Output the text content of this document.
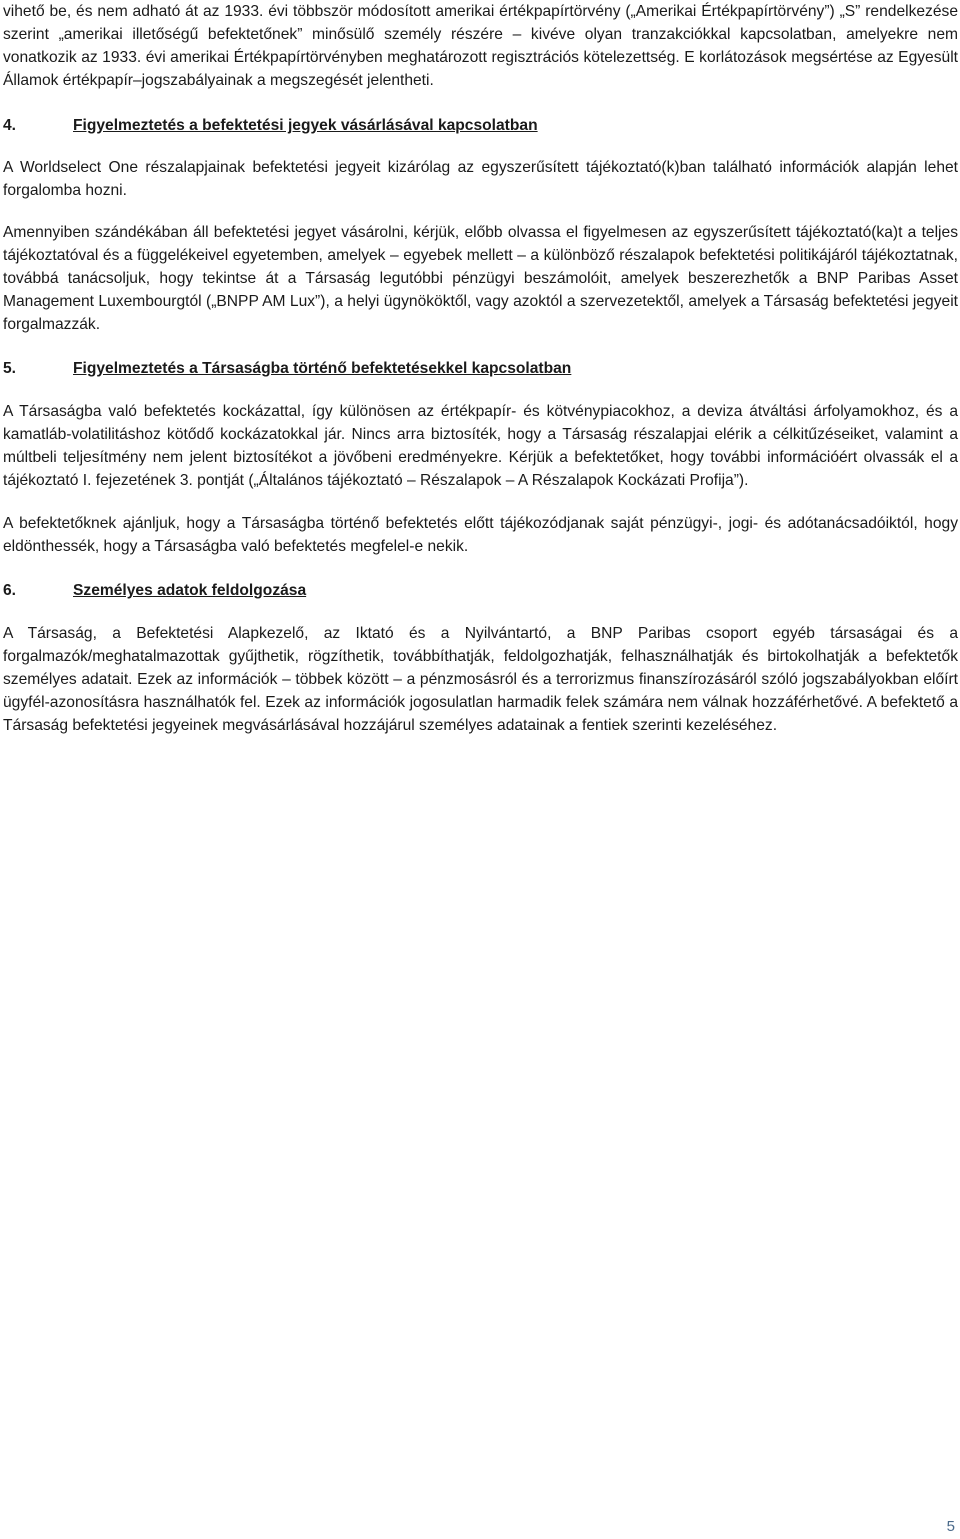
vihető be, és nem adható át az 1933. évi többször módosított amerikai értékpapírtörvény („Amerikai Értékpapírtörvény”) „S” rendelkezése szerint „amerikai illetőségű befektetőnek” minősülő személy részére – kivéve olyan tranzakciókkal kapcsolatban, amelyekre nem vonatkozik az 1933. évi amerikai Értékpapírtörvényben meghatározott regisztrációs kötelezettség. E korlátozások megsértése az Egyesült Államok értékpapír–jogszabályainak a megszegését jelentheti.

4.	Figyelmeztetés a befektetési jegyek vásárlásával kapcsolatban

A Worldselect One részalapjainak befektetési jegyeit kizárólag az egyszerűsített tájékoztató(k)ban található információk alapján lehet forgalomba hozni.

Amennyiben szándékában áll befektetési jegyet vásárolni, kérjük, előbb olvassa el figyelmesen az egyszerűsített tájékoztató(ka)t a teljes tájékoztatóval és a függelékeivel egyetemben, amelyek – egyebek mellett – a különböző részalapok befektetési politikájáról tájékoztatnak, továbbá tanácsoljuk, hogy tekintse át a Társaság legutóbbi pénzügyi beszámolóit, amelyek beszerezhetők a BNP Paribas Asset Management Luxembourgtól („BNPP AM Lux”), a helyi ügynököktől, vagy azoktól a szervezetektől, amelyek a Társaság befektetési jegyeit forgalmazzák.

5.	Figyelmeztetés a Társaságba történő befektetésekkel kapcsolatban

A Társaságba való befektetés kockázattal, így különösen az értékpapír- és kötvénypiacokhoz, a deviza átváltási árfolyamokhoz, és a kamatláb-volatilitáshoz kötődő kockázatokkal jár. Nincs arra biztosíték, hogy a Társaság részalapjai elérik a célkitűzéseiket, valamint a múltbeli teljesítmény nem jelent biztosítékot a jövőbeni eredményekre. Kérjük a befektetőket, hogy további információért olvassák el a tájékoztató I. fejezetének 3. pontját („Általános tájékoztató – Részalapok – A Részalapok Kockázati Profija”).

A befektetőknek ajánljuk, hogy a Társaságba történő befektetés előtt tájékozódjanak saját pénzügyi-, jogi- és adótanácsadóiktól, hogy eldönthessék, hogy a Társaságba való befektetés megfelel-e nekik.

6.	Személyes adatok feldolgozása

A Társaság, a Befektetési Alapkezelő, az Iktató és a Nyilvántartó, a BNP Paribas csoport egyéb társaságai és a forgalmazók/meghatalmazottak gyűjthetik, rögzíthetik, továbbíthatják, feldolgozhatják, felhasználhatják és birtokolhatják a befektetők személyes adatait. Ezek az információk – többek között – a pénzmosásról és a terrorizmus finanszírozásáról szóló jogszabályokban előírt ügyfél-azonosításra használhatók fel. Ezek az információk jogosulatlan harmadik felek számára nem válnak hozzáférhetővé. A befektető a Társaság befektetési jegyeinek megvásárlásával hozzájárul személyes adatainak a fentiek szerinti kezeléséhez.

5
